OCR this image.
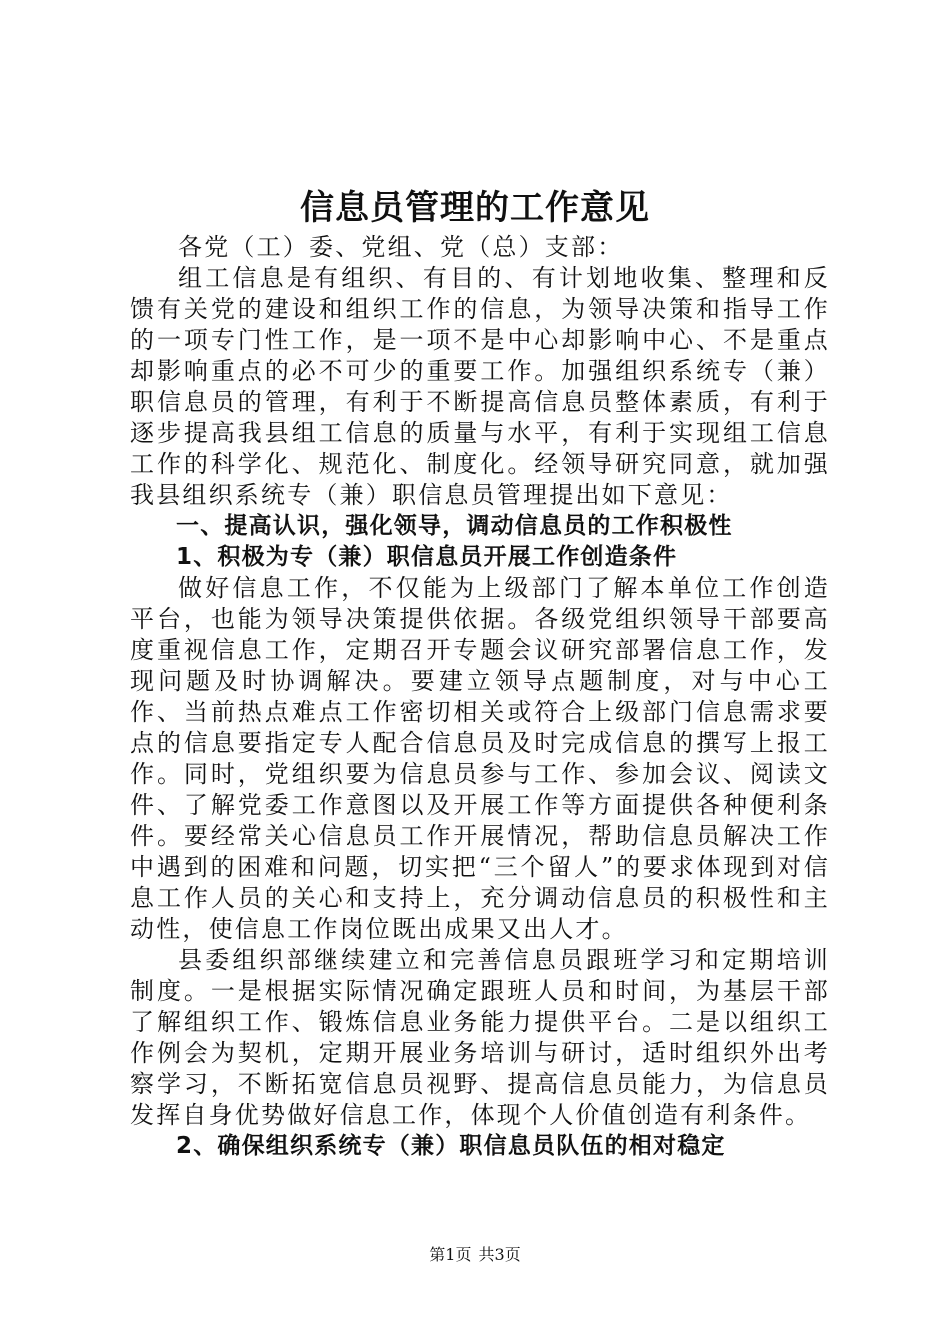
信息员管理的工作意见

各党（工）委、党组、党（总）支部：

组工信息是有组织、有目的、有计划地收集、整理和反馈有关党的建设和组织工作的信息，为领导决策和指导工作的一项专门性工作，是一项不是中心却影响中心、不是重点却影响重点的必不可少的重要工作。加强组织系统专（兼）职信息员的管理，有利于不断提高信息员整体素质，有利于逐步提高我县组工信息的质量与水平，有利于实现组工信息工作的科学化、规范化、制度化。经领导研究同意，就加强我县组织系统专（兼）职信息员管理提出如下意见：

一、提高认识，强化领导，调动信息员的工作积极性

1、积极为专（兼）职信息员开展工作创造条件

做好信息工作，不仅能为上级部门了解本单位工作创造平台，也能为领导决策提供依据。各级党组织领导干部要高度重视信息工作，定期召开专题会议研究部署信息工作，发现问题及时协调解决。要建立领导点题制度，对与中心工作、当前热点难点工作密切相关或符合上级部门信息需求要点的信息要指定专人配合信息员及时完成信息的撰写上报工作。同时，党组织要为信息员参与工作、参加会议、阅读文件、了解党委工作意图以及开展工作等方面提供各种便利条件。要经常关心信息员工作开展情况，帮助信息员解决工作中遇到的困难和问题，切实把“三个留人”的要求体现到对信息工作人员的关心和支持上，充分调动信息员的积极性和主动性，使信息工作岗位既出成果又出人才。

县委组织部继续建立和完善信息员跟班学习和定期培训制度。一是根据实际情况确定跟班人员和时间，为基层干部了解组织工作、锻炼信息业务能力提供平台。二是以组织工作例会为契机，定期开展业务培训与研讨，适时组织外出考察学习，不断拓宽信息员视野、提高信息员能力，为信息员发挥自身优势做好信息工作，体现个人价值创造有利条件。

2、确保组织系统专（兼）职信息员队伍的相对稳定

第1页 共3页
